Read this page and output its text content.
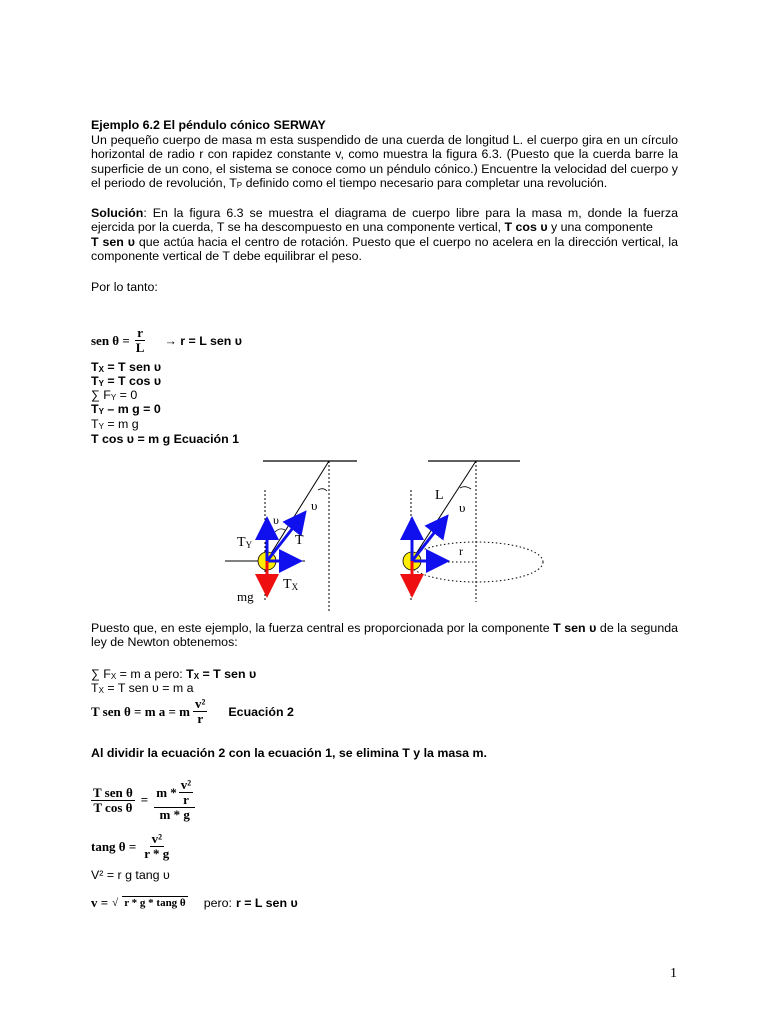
Ejemplo 6.2 El péndulo cónico SERWAY
Un pequeño cuerpo de masa m esta suspendido de una cuerda de longitud L. el cuerpo gira en un círculo horizontal de radio r con rapidez constante v, como muestra la figura 6.3. (Puesto que la cuerda barre la superficie de un cono, el sistema se conoce como un péndulo cónico.) Encuentre la velocidad del cuerpo y el periodo de revolución, $T_P$ definido como el tiempo necesario para completar una revolución.
Solución: En la figura 6.3 se muestra el diagrama de cuerpo libre para la masa m, donde la fuerza ejercida por la cuerda, T se ha descompuesto en una componente vertical, T cos υ y una componente
T sen υ que actúa hacia el centro de rotación. Puesto que el cuerpo no acelera en la dirección vertical, la componente vertical de T debe equilibrar el peso.
Por lo tanto:
sen $\theta = \frac{r}{L} \to r = L$ sen υ
$T_X = T$ sen υ
$T_Y = T$ cos υ
∑ $F_Y = 0$
$T_Y$ – m g = 0
$T_Y = m$ g
T cos υ = m g Ecuación 1
υ
υ
TY	T
TX
mg
L
υ
r
Puesto que, en este ejemplo, la fuerza central es proporcionada por la componente T sen υ de la segunda ley de Newton obtenemos:
∑ $F_X = m$ a pero: $T_X = T$ sen υ
$T_X = T$ sen υ = m a
T sen θ = m a = m $\frac{\text{v²}}{r}$ Ecuación 2
Al dividir la ecuación 2 con la ecuación 1, se elimina T y la masa m.
$\frac{\text{T sen θ}}{\text{T cos θ}} = \frac{m * \frac{\text{v²}}{r}}{m * g}$
tang $\theta = \frac{\text{v²}}{r * g}$
V² = r g tang υ
v = √ r * g * tang θ pero: r = L sen υ
1
